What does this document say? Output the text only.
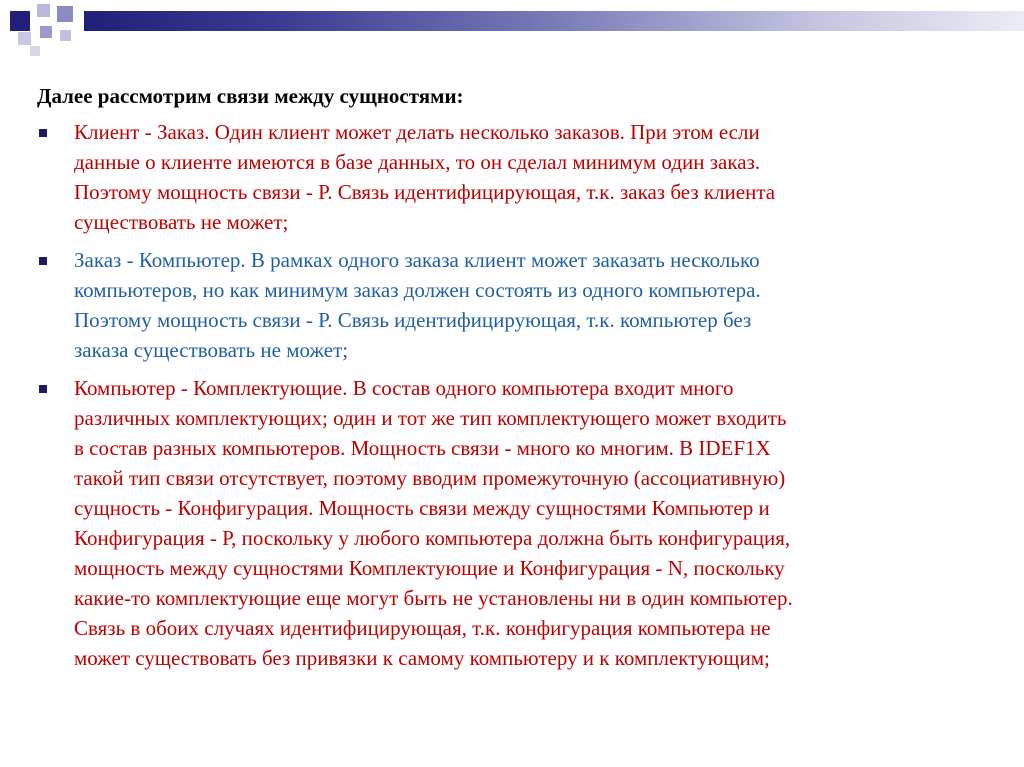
Далее рассмотрим связи между сущностями:
Клиент - Заказ. Один клиент может делать несколько заказов. При этом если
данные о клиенте имеются в базе данных, то он сделал минимум один заказ.
Поэтому мощность связи - Р. Связь идентифицирующая, т.к. заказ без клиента
существовать не может;
Заказ - Компьютер. В рамках одного заказа клиент может заказать несколько
компьютеров, но как минимум заказ должен состоять из одного компьютера.
Поэтому мощность связи - Р. Связь идентифицирующая, т.к. компьютер без
заказа существовать не может;
Компьютер - Комплектующие. В состав одного компьютера входит много
различных комплектующих; один и тот же тип комплектующего может входить
в состав разных компьютеров. Мощность связи - много ко многим. В IDEF1X
такой тип связи отсутствует, поэтому вводим промежуточную (ассоциативную)
сущность - Конфигурация. Мощность связи между сущностями Компьютер и
Конфигурация - Р, поскольку у любого компьютера должна быть конфигурация,
мощность между сущностями Комплектующие и Конфигурация - N, поскольку
какие-то комплектующие еще могут быть не установлены ни в один компьютер.
Связь в обоих случаях идентифицирующая, т.к. конфигурация компьютера не
может существовать без привязки к самому компьютеру и к комплектующим;
